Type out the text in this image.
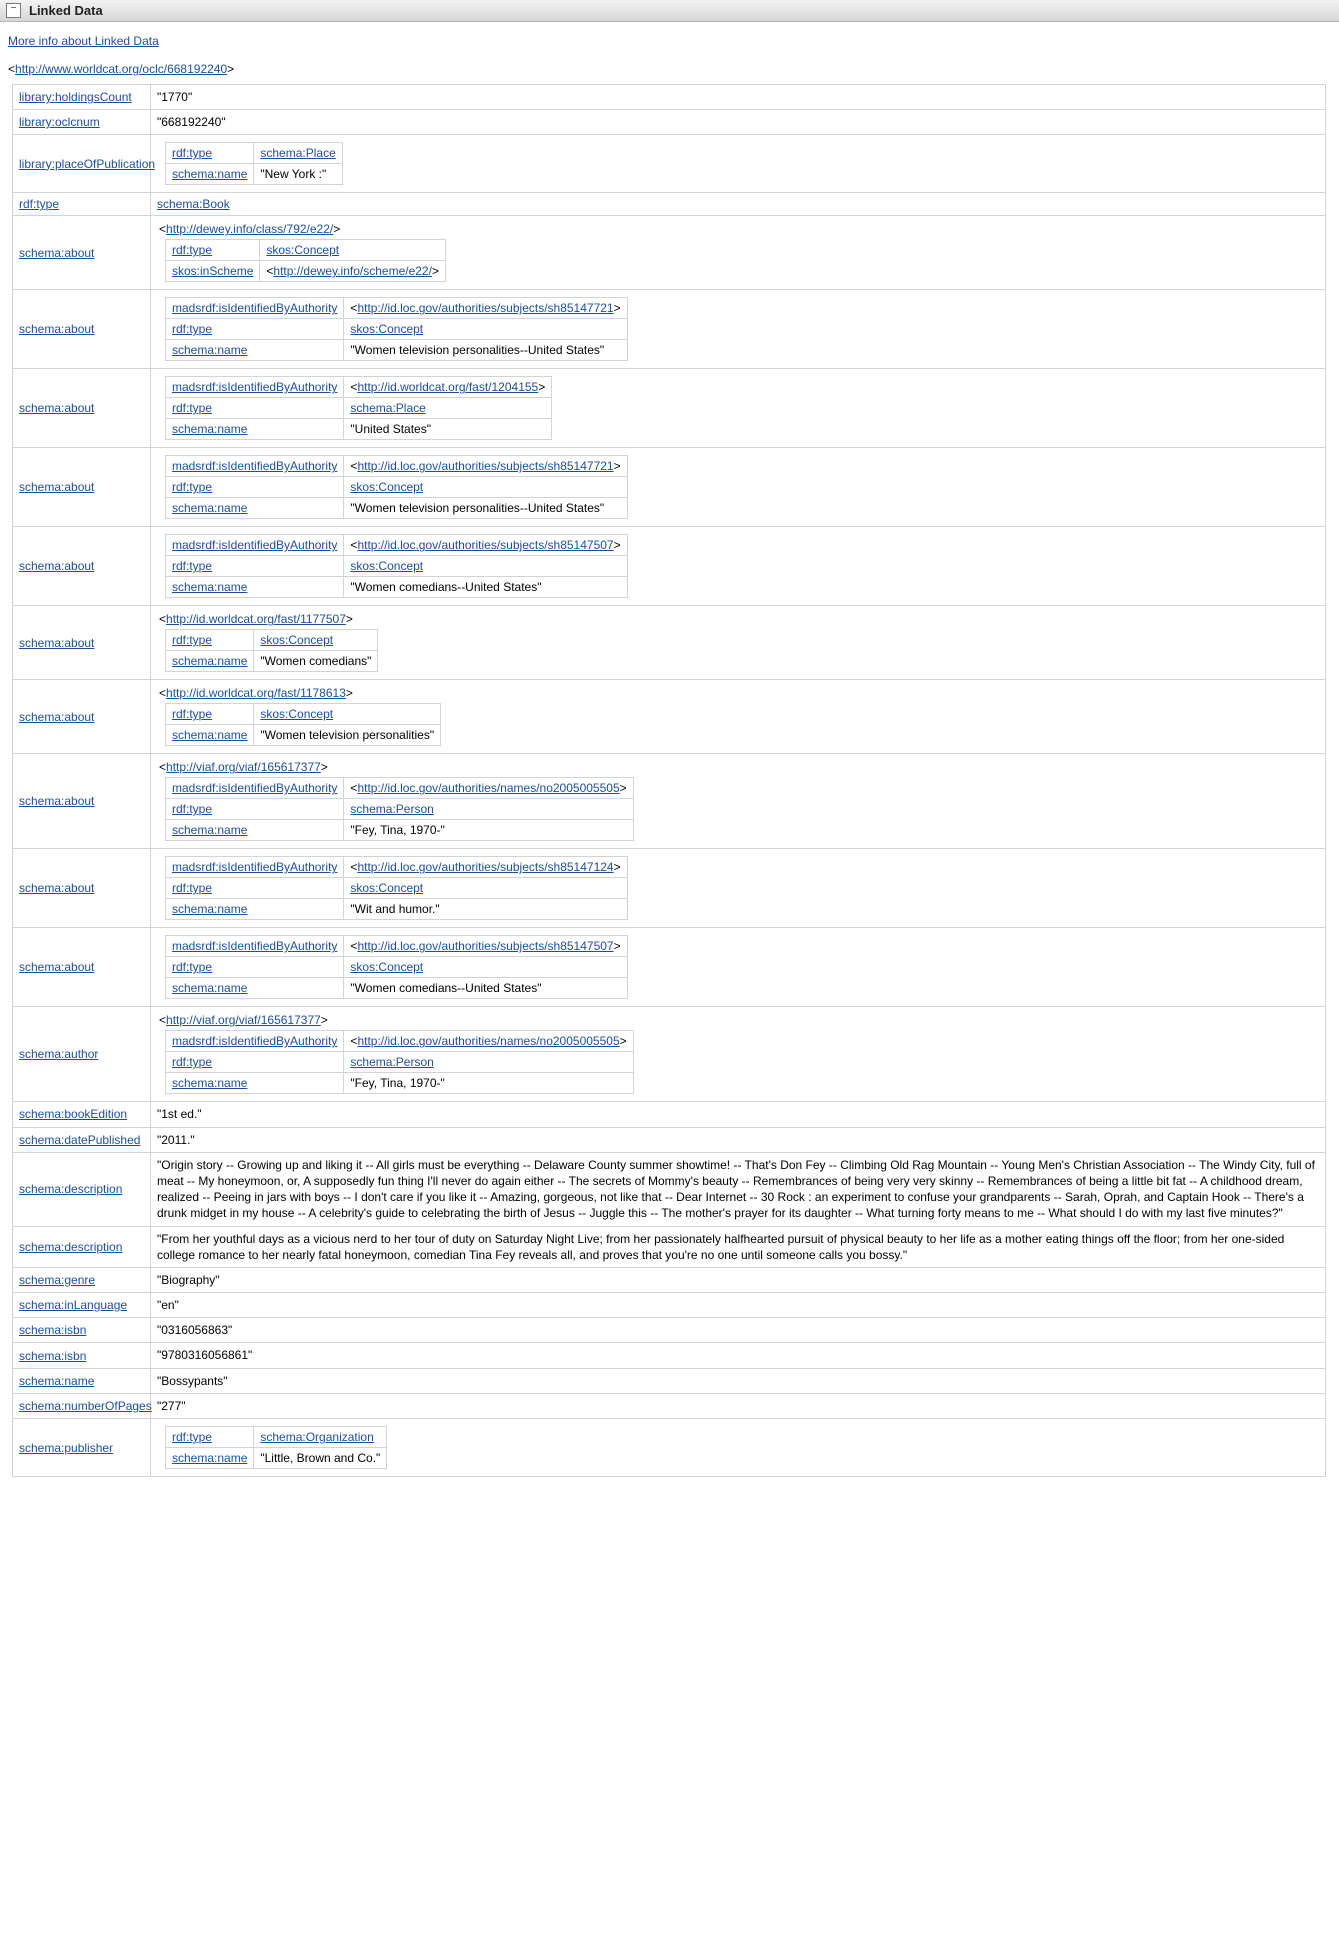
− Linked Data
More info about Linked Data
<http://www.worldcat.org/oclc/668192240>
library:holdingsCount	"1770"
library:oclcnum	"668192240"
library:placeOfPublication	
rdf:type	schema:Place
schema:name	"New York :"

rdf:type	schema:Book
schema:about	
<http://dewey.info/class/792/e22/>
rdf:type	skos:Concept
skos:inScheme	<http://dewey.info/scheme/e22/>

schema:about	
madsrdf:isIdentifiedByAuthority	<http://id.loc.gov/authorities/subjects/sh85147721>
rdf:type	skos:Concept
schema:name	"Women television personalities--United States"

schema:about	
madsrdf:isIdentifiedByAuthority	<http://id.worldcat.org/fast/1204155>
rdf:type	schema:Place
schema:name	"United States"

schema:about	
madsrdf:isIdentifiedByAuthority	<http://id.loc.gov/authorities/subjects/sh85147721>
rdf:type	skos:Concept
schema:name	"Women television personalities--United States"

schema:about	
madsrdf:isIdentifiedByAuthority	<http://id.loc.gov/authorities/subjects/sh85147507>
rdf:type	skos:Concept
schema:name	"Women comedians--United States"

schema:about	
<http://id.worldcat.org/fast/1177507>
rdf:type	skos:Concept
schema:name	"Women comedians"

schema:about	
<http://id.worldcat.org/fast/1178613>
rdf:type	skos:Concept
schema:name	"Women television personalities"

schema:about	
<http://viaf.org/viaf/165617377>
madsrdf:isIdentifiedByAuthority	<http://id.loc.gov/authorities/names/no2005005505>
rdf:type	schema:Person
schema:name	"Fey, Tina, 1970-"

schema:about	
madsrdf:isIdentifiedByAuthority	<http://id.loc.gov/authorities/subjects/sh85147124>
rdf:type	skos:Concept
schema:name	"Wit and humor."

schema:about	
madsrdf:isIdentifiedByAuthority	<http://id.loc.gov/authorities/subjects/sh85147507>
rdf:type	skos:Concept
schema:name	"Women comedians--United States"

schema:author	
<http://viaf.org/viaf/165617377>
madsrdf:isIdentifiedByAuthority	<http://id.loc.gov/authorities/names/no2005005505>
rdf:type	schema:Person
schema:name	"Fey, Tina, 1970-"

schema:bookEdition	"1st ed."
schema:datePublished	"2011."
schema:description	"Origin story -- Growing up and liking it -- All girls must be everything -- Delaware County summer showtime! -- That's Don Fey -- Climbing Old Rag Mountain -- Young Men's Christian Association -- The Windy City, full of meat -- My honeymoon, or, A supposedly fun thing I'll never do again either -- The secrets of Mommy's beauty -- Remembrances of being very very skinny -- Remembrances of being a little bit fat -- A childhood dream, realized -- Peeing in jars with boys -- I don't care if you like it -- Amazing, gorgeous, not like that -- Dear Internet -- 30 Rock : an experiment to confuse your grandparents -- Sarah, Oprah, and Captain Hook -- There's a drunk midget in my house -- A celebrity's guide to celebrating the birth of Jesus -- Juggle this -- The mother's prayer for its daughter -- What turning forty means to me -- What should I do with my last five minutes?"
schema:description	"From her youthful days as a vicious nerd to her tour of duty on Saturday Night Live; from her passionately halfhearted pursuit of physical beauty to her life as a mother eating things off the floor; from her one-sided college romance to her nearly fatal honeymoon, comedian Tina Fey reveals all, and proves that you're no one until someone calls you bossy."
schema:genre	"Biography"
schema:inLanguage	"en"
schema:isbn	"0316056863"
schema:isbn	"9780316056861"
schema:name	"Bossypants"
schema:numberOfPages	"277"
schema:publisher	
rdf:type	schema:Organization
schema:name	"Little, Brown and Co."
